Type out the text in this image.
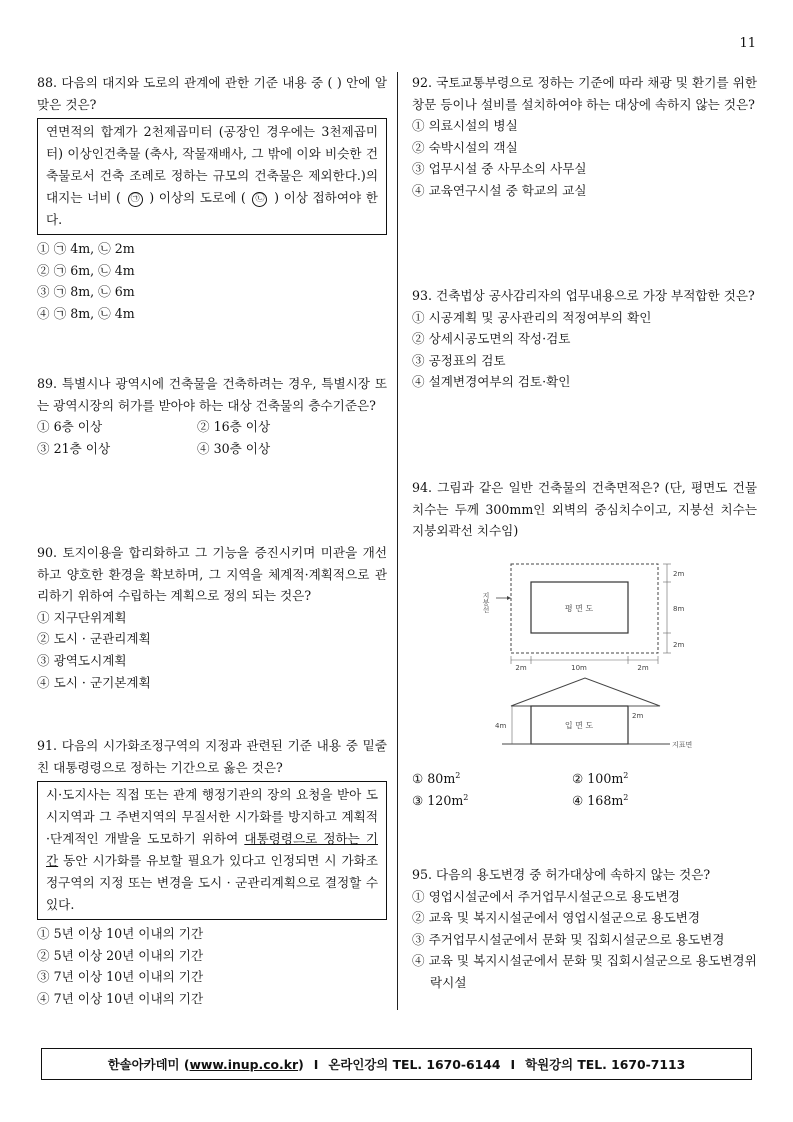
11
88. 다음의 대지와 도로의 관계에 관한 기준 내용 중 ( ) 안에 알맞은 것은?
연면적의 합계가 2천제곱미터 (공장인 경우에는 3천제곱미터) 이상인건축물 (축사, 작물재배사, 그 밖에 이와 비슷한 건축물로서 건축 조례로 정하는 규모의 건축물은 제외한다.)의 대지는 너비 ( ㉠ ) 이상의 도로에 ( ㉡ ) 이상 접하여야 한다.
① ㉠ 4m, ㉡ 2m
② ㉠ 6m, ㉡ 4m
③ ㉠ 8m, ㉡ 6m
④ ㉠ 8m, ㉡ 4m
89. 특별시나 광역시에 건축물을 건축하려는 경우, 특별시장 또는 광역시장의 허가를 받아야 하는 대상 건축물의 층수기준은?
① 6층 이상	② 16층 이상
③ 21층 이상	④ 30층 이상
90. 토지이용을 합리화하고 그 기능을 증진시키며 미관을 개선하고 양호한 환경을 확보하며, 그 지역을 체계적·계획적으로 관리하기 위하여 수립하는 계획으로 정의 되는 것은?
① 지구단위계획
② 도시 · 군관리계획
③ 광역도시계획
④ 도시 · 군기본계획
91. 다음의 시가화조정구역의 지정과 관련된 기준 내용 중 밑줄 친 대통령령으로 정하는 기간으로 옳은 것은?
시·도지사는 직접 또는 관계 행정기관의 장의 요청을 받아 도시지역과 그 주변지역의 무질서한 시가화를 방지하고 계획적·단계적인 개발을 도모하기 위하여 대통령령으로 정하는 기간 동안 시가화를 유보할 필요가 있다고 인정되면 시 가화조정구역의 지정 또는 변경을 도시 · 군관리계획으로 결정할 수 있다.
① 5년 이상 10년 이내의 기간
② 5년 이상 20년 이내의 기간
③ 7년 이상 10년 이내의 기간
④ 7년 이상 10년 이내의 기간
92. 국토교통부령으로 정하는 기준에 따라 채광 및 환기를 위한 창문 등이나 설비를 설치하여야 하는 대상에 속하지 않는 것은?
① 의료시설의 병실
② 숙박시설의 객실
③ 업무시설 중 사무소의 사무실
④ 교육연구시설 중 학교의 교실
93. 건축법상 공사감리자의 업무내용으로 가장 부적합한 것은?
① 시공계획 및 공사관리의 적정여부의 확인
② 상세시공도면의 작성·검토
③ 공정표의 검토
④ 설계변경여부의 검토·확인
94. 그림과 같은 일반 건축물의 건축면적은? (단, 평면도 건물 치수는 두께 300mm인 외벽의 중심치수이고, 지붕선 치수는 지붕외곽선 치수임)
평 면 도
지붕선
2m
8m
2m
2m	10m	2m
입 면 도
지표면
4m
2m
① $80m^2$	② $100m^2$
③ $120m^2$	④ $168m^2$
95. 다음의 용도변경 중 허가대상에 속하지 않는 것은?
① 영업시설군에서 주거업무시설군으로 용도변경
② 교육 및 복지시설군에서 영업시설군으로 용도변경
③ 주거업무시설군에서 문화 및 집회시설군으로 용도변경
④ 교육 및 복지시설군에서 문화 및 집회시설군으로 용도변경위락시설
한솔아카데미 ( www.inup.co.kr ) I 온라인강의 TEL. 1670-6144 I 학원강의 TEL. 1670-7113
